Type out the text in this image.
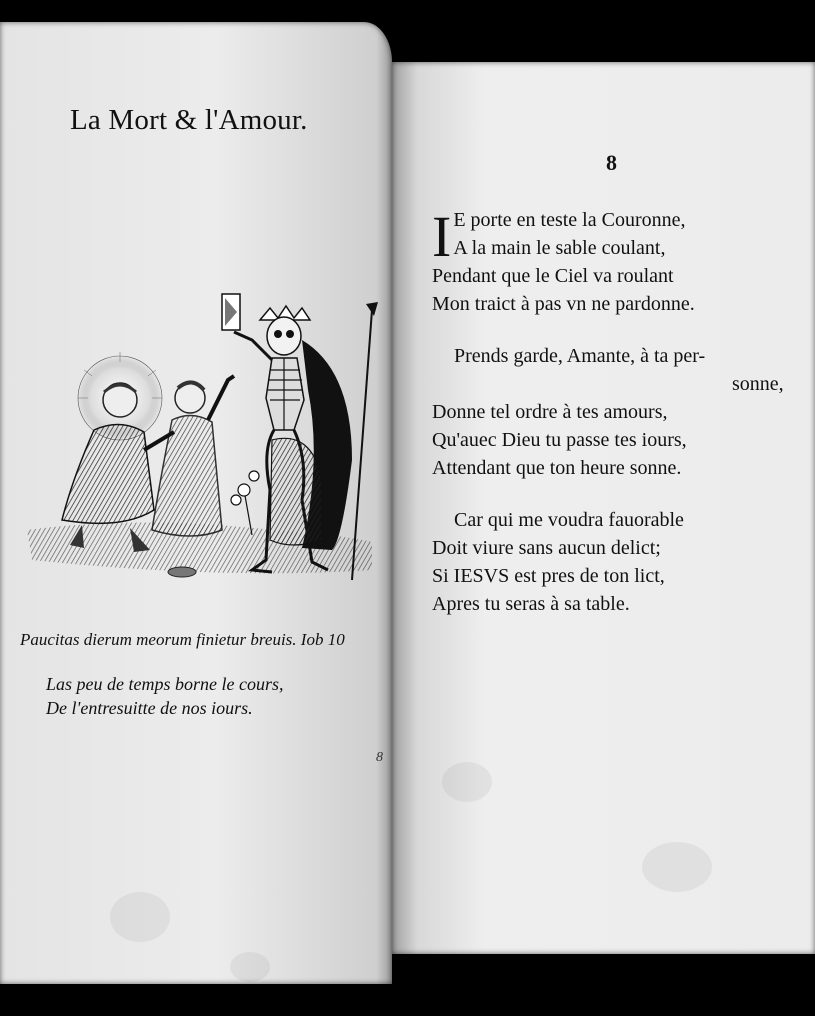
La Mort & l'Amour.
Paucitas dierum meorum finietur breuis. Iob 10
Las peu de temps borne le cours,
De l'entresuitte de nos iours.
8
8
I E porte en teste la Couronne,
A la main le sable coulant,
Pendant que le Ciel va roulant
Mon traict à pas vn ne pardonne.
Prends garde, Amante, à ta per-
sonne,
Donne tel ordre à tes amours,
Qu'auec Dieu tu passe tes iours,
Attendant que ton heure sonne.
Car qui me voudra fauorable
Doit viure sans aucun delict;
Si IESVS est pres de ton lict,
Apres tu seras à sa table.
